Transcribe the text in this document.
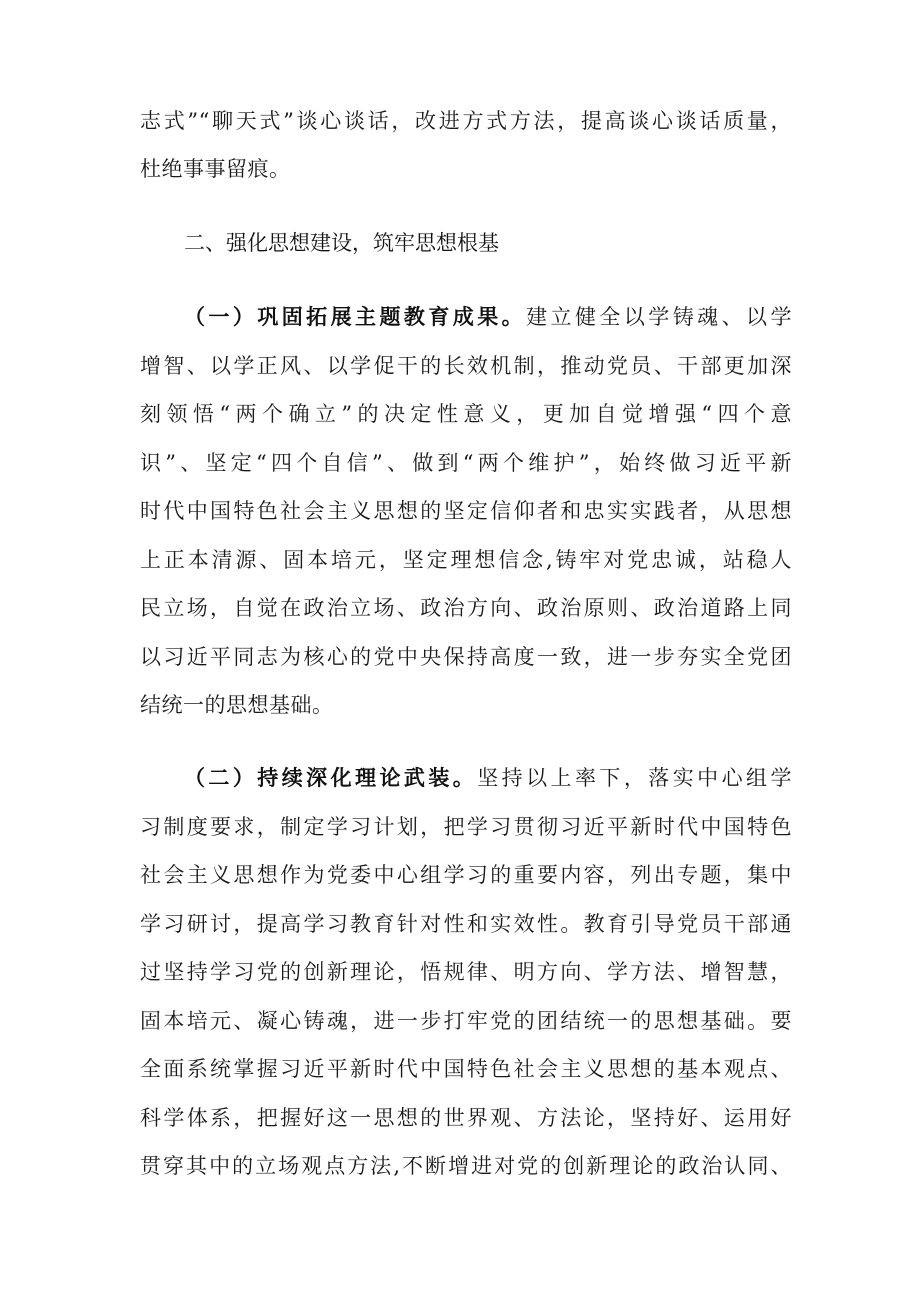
志式”“聊天式”谈心谈话，改进方式方法，提高谈心谈话质量，
杜绝事事留痕。
二、强化思想建设，筑牢思想根基
（一）巩固拓展主题教育成果。建立健全以学铸魂、以学
增智、以学正风、以学促干的长效机制，推动党员、干部更加深
刻领悟“两个确立”的决定性意义，更加自觉增强“四个意
识”、坚定“四个自信”、做到“两个维护”，始终做习近平新
时代中国特色社会主义思想的坚定信仰者和忠实实践者，从思想
上正本清源、固本培元，坚定理想信念,铸牢对党忠诚，站稳人
民立场，自觉在政治立场、政治方向、政治原则、政治道路上同
以习近平同志为核心的党中央保持高度一致，进一步夯实全党团
结统一的思想基础。
（二）持续深化理论武装。坚持以上率下，落实中心组学
习制度要求，制定学习计划，把学习贯彻习近平新时代中国特色
社会主义思想作为党委中心组学习的重要内容，列出专题，集中
学习研讨，提高学习教育针对性和实效性。教育引导党员干部通
过坚持学习党的创新理论，悟规律、明方向、学方法、增智慧，
固本培元、凝心铸魂，进一步打牢党的团结统一的思想基础。要
全面系统掌握习近平新时代中国特色社会主义思想的基本观点、
科学体系，把握好这一思想的世界观、方法论，坚持好、运用好
贯穿其中的立场观点方法,不断增进对党的创新理论的政治认同、
